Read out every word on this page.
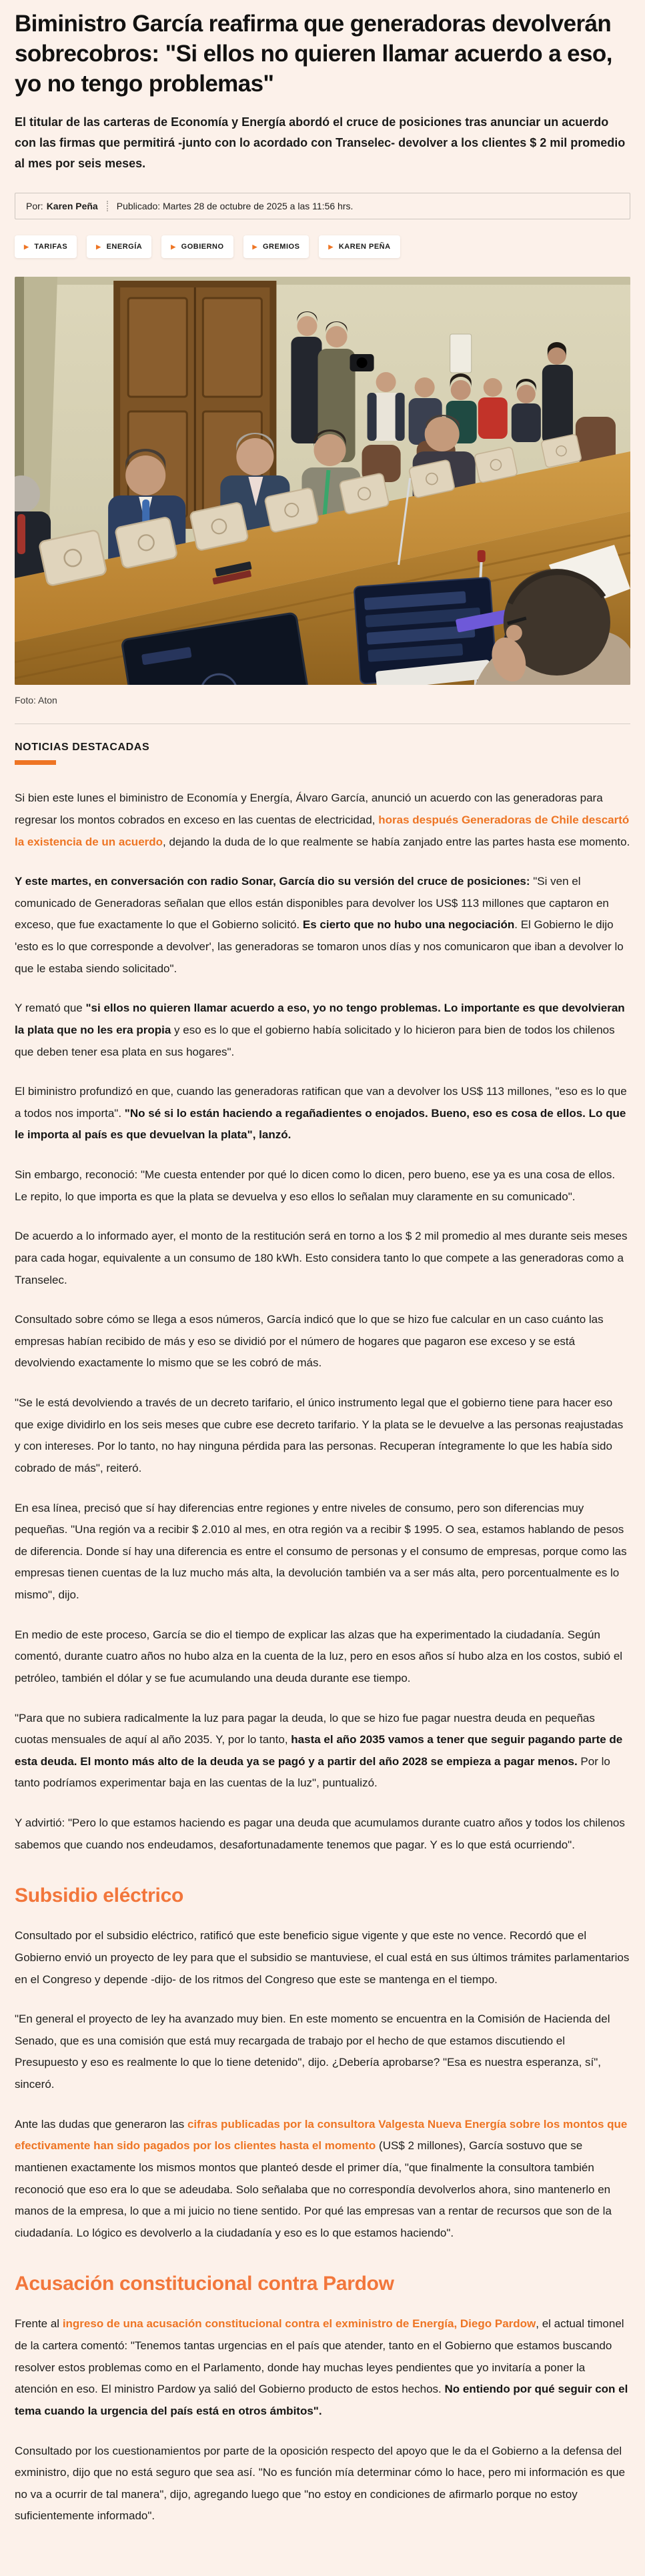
Biministro García reafirma que generadoras devolverán sobrecobros: "Si ellos no quieren llamar acuerdo a eso, yo no tengo problemas"

El titular de las carteras de Economía y Energía abordó el cruce de posiciones tras anunciar un acuerdo con las firmas que permitirá -junto con lo acordado con Transelec- devolver a los clientes $ 2 mil promedio al mes por seis meses.

Por: Karen Peña Publicado: Martes 28 de octubre de 2025 a las 11:56 hrs.
▶ TARIFAS	▶ ENERGÍA	▶ GOBIERNO	▶ GREMIOS	▶ KAREN PEÑA
Foto: Aton
NOTICIAS DESTACADAS

Si bien este lunes el biministro de Economía y Energía, Álvaro García, anunció un acuerdo con las generadoras para regresar los montos cobrados en exceso en las cuentas de electricidad, horas después Generadoras de Chile descartó la existencia de un acuerdo, dejando la duda de lo que realmente se había zanjado entre las partes hasta ese momento.

Y este martes, en conversación con radio Sonar, García dio su versión del cruce de posiciones: "Si ven el comunicado de Generadoras señalan que ellos están disponibles para devolver los US$ 113 millones que captaron en exceso, que fue exactamente lo que el Gobierno solicitó. Es cierto que no hubo una negociación. El Gobierno le dijo 'esto es lo que corresponde a devolver', las generadoras se tomaron unos días y nos comunicaron que iban a devolver lo que le estaba siendo solicitado".

Y remató que "si ellos no quieren llamar acuerdo a eso, yo no tengo problemas. Lo importante es que devolvieran la plata que no les era propia y eso es lo que el gobierno había solicitado y lo hicieron para bien de todos los chilenos que deben tener esa plata en sus hogares".

El biministro profundizó en que, cuando las generadoras ratifican que van a devolver los US$ 113 millones, "eso es lo que a todos nos importa". "No sé si lo están haciendo a regañadientes o enojados. Bueno, eso es cosa de ellos. Lo que le importa al país es que devuelvan la plata", lanzó.

Sin embargo, reconoció: "Me cuesta entender por qué lo dicen como lo dicen, pero bueno, ese ya es una cosa de ellos. Le repito, lo que importa es que la plata se devuelva y eso ellos lo señalan muy claramente en su comunicado".

De acuerdo a lo informado ayer, el monto de la restitución será en torno a los $ 2 mil promedio al mes durante seis meses para cada hogar, equivalente a un consumo de 180 kWh. Esto considera tanto lo que compete a las generadoras como a Transelec.

Consultado sobre cómo se llega a esos números, García indicó que lo que se hizo fue calcular en un caso cuánto las empresas habían recibido de más y eso se dividió por el número de hogares que pagaron ese exceso y se está devolviendo exactamente lo mismo que se les cobró de más.

"Se le está devolviendo a través de un decreto tarifario, el único instrumento legal que el gobierno tiene para hacer eso que exige dividirlo en los seis meses que cubre ese decreto tarifario. Y la plata se le devuelve a las personas reajustadas y con intereses. Por lo tanto, no hay ninguna pérdida para las personas. Recuperan íntegramente lo que les había sido cobrado de más", reiteró.

En esa línea, precisó que sí hay diferencias entre regiones y entre niveles de consumo, pero son diferencias muy pequeñas. "Una región va a recibir $ 2.010 al mes, en otra región va a recibir $ 1995. O sea, estamos hablando de pesos de diferencia. Donde sí hay una diferencia es entre el consumo de personas y el consumo de empresas, porque como las empresas tienen cuentas de la luz mucho más alta, la devolución también va a ser más alta, pero porcentualmente es lo mismo", dijo.

En medio de este proceso, García se dio el tiempo de explicar las alzas que ha experimentado la ciudadanía. Según comentó, durante cuatro años no hubo alza en la cuenta de la luz, pero en esos años sí hubo alza en los costos, subió el petróleo, también el dólar y se fue acumulando una deuda durante ese tiempo.

"Para que no subiera radicalmente la luz para pagar la deuda, lo que se hizo fue pagar nuestra deuda en pequeñas cuotas mensuales de aquí al año 2035. Y, por lo tanto, hasta el año 2035 vamos a tener que seguir pagando parte de esta deuda. El monto más alto de la deuda ya se pagó y a partir del año 2028 se empieza a pagar menos. Por lo tanto podríamos experimentar baja en las cuentas de la luz", puntualizó.

Y advirtió: "Pero lo que estamos haciendo es pagar una deuda que acumulamos durante cuatro años y todos los chilenos sabemos que cuando nos endeudamos, desafortunadamente tenemos que pagar. Y es lo que está ocurriendo".

Subsidio eléctrico

Consultado por el subsidio eléctrico, ratificó que este beneficio sigue vigente y que este no vence. Recordó que el Gobierno envió un proyecto de ley para que el subsidio se mantuviese, el cual está en sus últimos trámites parlamentarios en el Congreso y depende -dijo- de los ritmos del Congreso que este se mantenga en el tiempo.

"En general el proyecto de ley ha avanzado muy bien. En este momento se encuentra en la Comisión de Hacienda del Senado, que es una comisión que está muy recargada de trabajo por el hecho de que estamos discutiendo el Presupuesto y eso es realmente lo que lo tiene detenido", dijo. ¿Debería aprobarse? "Esa es nuestra esperanza, sí", sinceró.

Ante las dudas que generaron las cifras publicadas por la consultora Valgesta Nueva Energía sobre los montos que efectivamente han sido pagados por los clientes hasta el momento (US$ 2 millones), García sostuvo que se mantienen exactamente los mismos montos que planteó desde el primer día, "que finalmente la consultora también reconoció que eso era lo que se adeudaba. Solo señalaba que no correspondía devolverlos ahora, sino mantenerlo en manos de la empresa, lo que a mi juicio no tiene sentido. Por qué las empresas van a rentar de recursos que son de la ciudadanía. Lo lógico es devolverlo a la ciudadanía y eso es lo que estamos haciendo".

Acusación constitucional contra Pardow

Frente al ingreso de una acusación constitucional contra el exministro de Energía, Diego Pardow, el actual timonel de la cartera comentó: "Tenemos tantas urgencias en el país que atender, tanto en el Gobierno que estamos buscando resolver estos problemas como en el Parlamento, donde hay muchas leyes pendientes que yo invitaría a poner la atención en eso. El ministro Pardow ya salió del Gobierno producto de estos hechos. No entiendo por qué seguir con el tema cuando la urgencia del país está en otros ámbitos".

Consultado por los cuestionamientos por parte de la oposición respecto del apoyo que le da el Gobierno a la defensa del exministro, dijo que no está seguro que sea así. "No es función mía determinar cómo lo hace, pero mi información es que no va a ocurrir de tal manera", dijo, agregando luego que "no estoy en condiciones de afirmarlo porque no estoy suficientemente informado".
